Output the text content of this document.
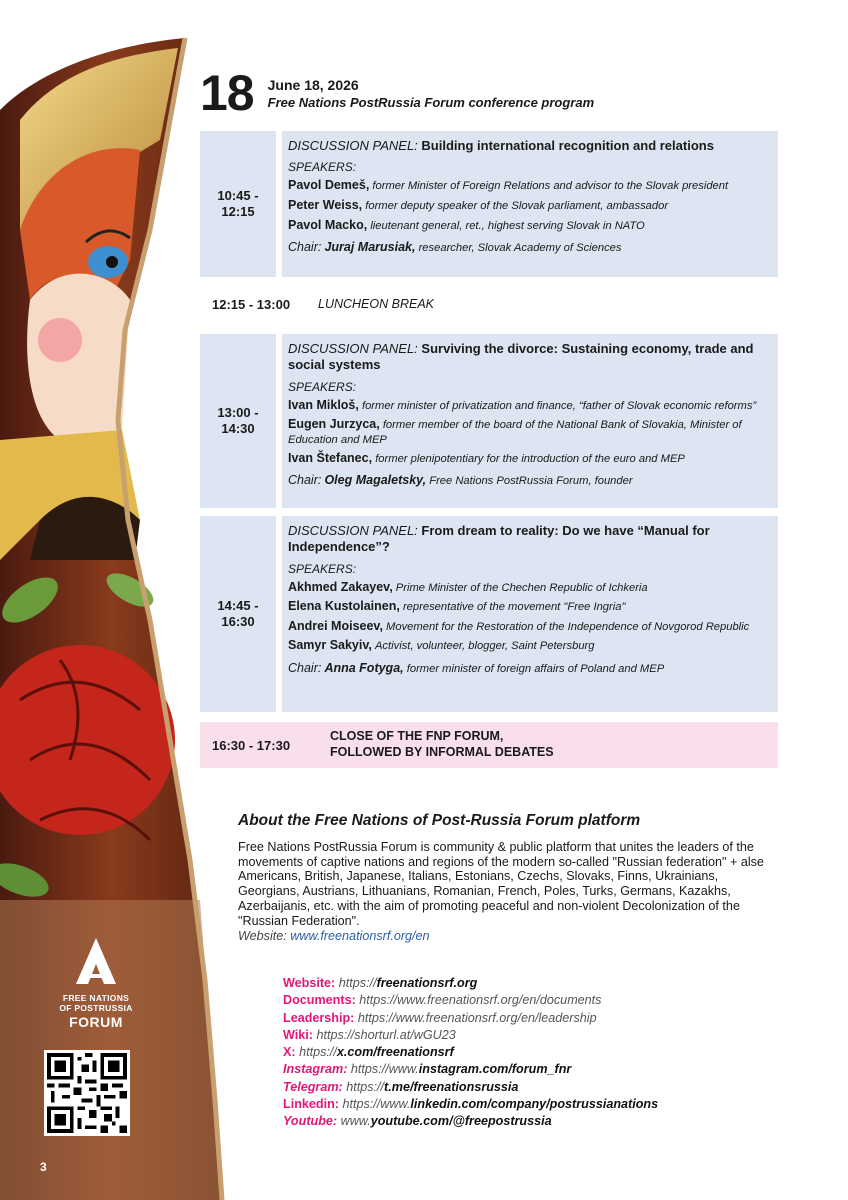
18 June 18, 2026
Free Nations PostRussia Forum conference program
10:45 -
12:15
DISCUSSION PANEL: Building international recognition and relations
SPEAKERS:
Pavol Demeš, former Minister of Foreign Relations and advisor to the Slovak president
Peter Weiss, former deputy speaker of the Slovak parliament, ambassador
Pavol Macko, lieutenant general, ret., highest serving Slovak in NATO
Chair: Juraj Marusiak, researcher, Slovak Academy of Sciences
12:15 - 13:00	LUNCHEON BREAK
13:00 -
14:30
DISCUSSION PANEL: Surviving the divorce: Sustaining economy, trade and social systems
SPEAKERS:
Ivan Mikloš, former minister of privatization and finance, “father of Slovak economic reforms”
Eugen Jurzyca, former member of the board of the National Bank of Slovakia, Minister of Education and MEP
Ivan Štefanec, former plenipotentiary for the introduction of the euro and MEP
Chair: Oleg Magaletsky, Free Nations PostRussia Forum, founder
14:45 -
16:30
DISCUSSION PANEL: From dream to reality: Do we have “Manual for Independence”?
SPEAKERS:
Akhmed Zakayev, Prime Minister of the Chechen Republic of Ichkeria
Elena Kustolainen, representative of the movement "Free Ingria"
Andrei Moiseev, Movement for the Restoration of the Independence of Novgorod Republic
Samyr Sakyiv, Activist, volunteer, blogger, Saint Petersburg
Chair: Anna Fotyga, former minister of foreign affairs of Poland and MEP
16:30 - 17:30
CLOSE OF THE FNP FORUM,
FOLLOWED BY INFORMAL DEBATES
About the Free Nations of Post-Russia Forum platform

Free Nations PostRussia Forum is community & public platform that unites the leaders of the movements of captive nations and regions of the modern so-called "Russian federation" + alse Americans, British, Japanese, Italians, Estonians, Czechs, Slovaks, Finns, Ukrainians, Georgians, Austrians, Lithuanians, Romanian, French, Poles, Turks, Germans, Kazakhs, Azerbaijanis, etc. with the aim of promoting peaceful and non-violent Decolonization of the "Russian Federation".

Website: www.freenationsrf.org/en
Website: https://freenationsrf.org
Documents: https://www.freenationsrf.org/en/documents
Leadership: https://www.freenationsrf.org/en/leadership
Wiki: https://shorturl.at/wGU23
X: https://x.com/freenationsrf
Instagram: https://www.instagram.com/forum_fnr
Telegram: https://t.me/freenationsrussia
Linkedin: https://www.linkedin.com/company/postrussianations
Youtube: www.youtube.com/@freepostrussia
FREE NATIONS
OF POSTRUSSIA
FORUM
3
